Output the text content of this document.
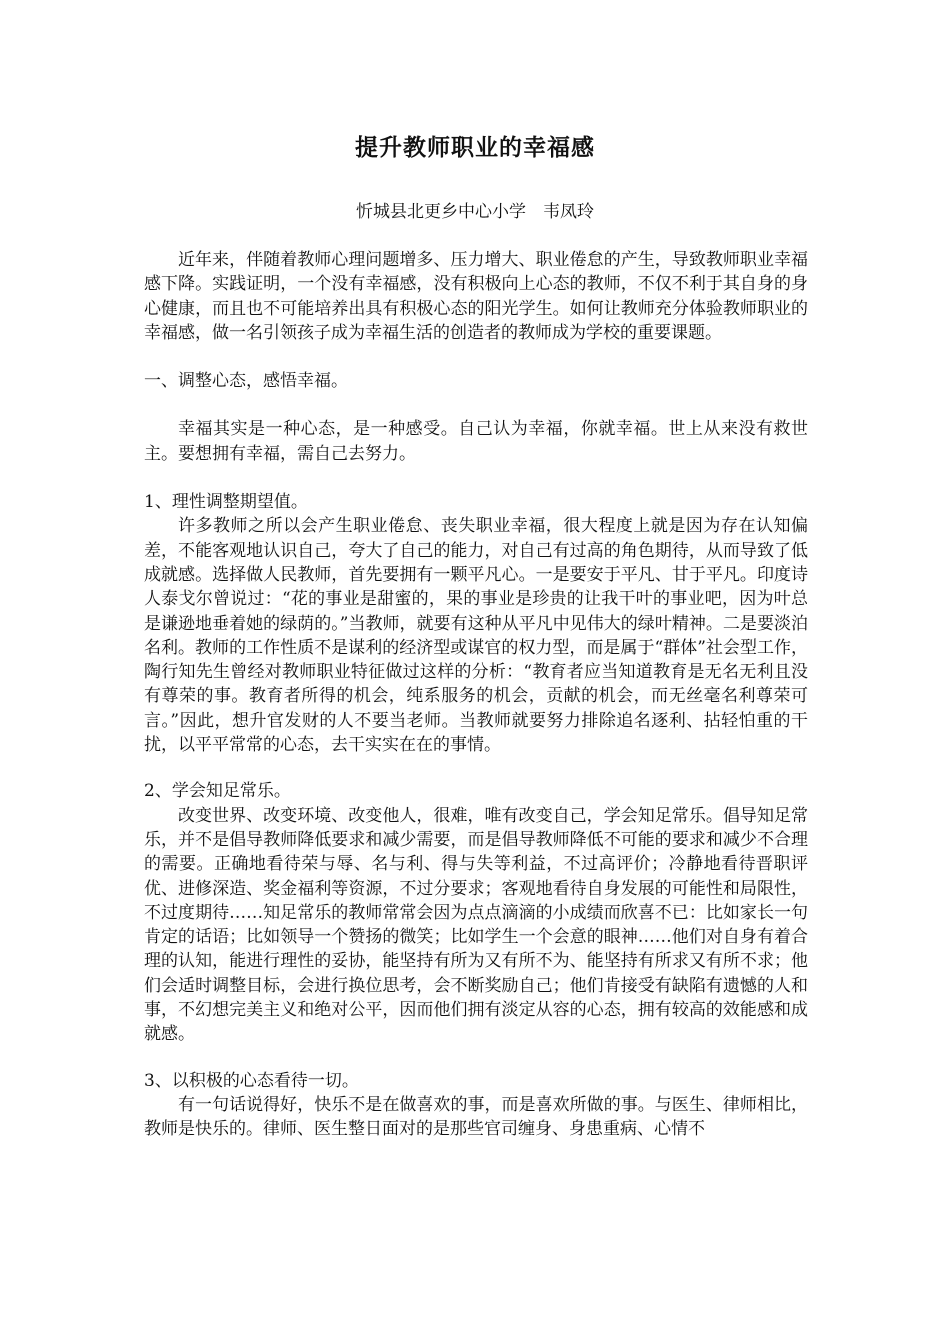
提升教师职业的幸福感
忻城县北更乡中心小学　韦凤玲

近年来，伴随着教师心理问题增多、压力增大、职业倦怠的产生，导致教师职业幸福感下降。实践证明，一个没有幸福感，没有积极向上心态的教师，不仅不利于其自身的身心健康，而且也不可能培养出具有积极心态的阳光学生。如何让教师充分体验教师职业的幸福感，做一名引领孩子成为幸福生活的创造者的教师成为学校的重要课题。

一、调整心态，感悟幸福。

幸福其实是一种心态，是一种感受。自己认为幸福，你就幸福。世上从来没有救世主。要想拥有幸福，需自己去努力。

1、理性调整期望值。

许多教师之所以会产生职业倦怠、丧失职业幸福，很大程度上就是因为存在认知偏差，不能客观地认识自己，夸大了自己的能力，对自己有过高的角色期待，从而导致了低成就感。选择做人民教师，首先要拥有一颗平凡心。一是要安于平凡、甘于平凡。印度诗人泰戈尔曾说过：“花的事业是甜蜜的，果的事业是珍贵的让我干叶的事业吧，因为叶总是谦逊地垂着她的绿荫的。”当教师，就要有这种从平凡中见伟大的绿叶精神。二是要淡泊名利。教师的工作性质不是谋利的经济型或谋官的权力型，而是属于“群体”社会型工作，陶行知先生曾经对教师职业特征做过这样的分析：“教育者应当知道教育是无名无利且没有尊荣的事。教育者所得的机会，纯系服务的机会，贡献的机会，而无丝毫名利尊荣可言。”因此，想升官发财的人不要当老师。当教师就要努力排除追名逐利、拈轻怕重的干扰，以平平常常的心态，去干实实在在的事情。

2、学会知足常乐。

改变世界、改变环境、改变他人，很难，唯有改变自己，学会知足常乐。倡导知足常乐，并不是倡导教师降低要求和减少需要，而是倡导教师降低不可能的要求和减少不合理的需要。正确地看待荣与辱、名与利、得与失等利益，不过高评价；冷静地看待晋职评优、进修深造、奖金福利等资源，不过分要求；客观地看待自身发展的可能性和局限性，不过度期待……知足常乐的教师常常会因为点点滴滴的小成绩而欣喜不已：比如家长一句肯定的话语；比如领导一个赞扬的微笑；比如学生一个会意的眼神……他们对自身有着合理的认知，能进行理性的妥协，能坚持有所为又有所不为、能坚持有所求又有所不求；他们会适时调整目标，会进行换位思考，会不断奖励自己；他们肯接受有缺陷有遗憾的人和事，不幻想完美主义和绝对公平，因而他们拥有淡定从容的心态，拥有较高的效能感和成就感。

3、以积极的心态看待一切。

有一句话说得好，快乐不是在做喜欢的事，而是喜欢所做的事。与医生、律师相比，教师是快乐的。律师、医生整日面对的是那些官司缠身、身患重病、心情不
